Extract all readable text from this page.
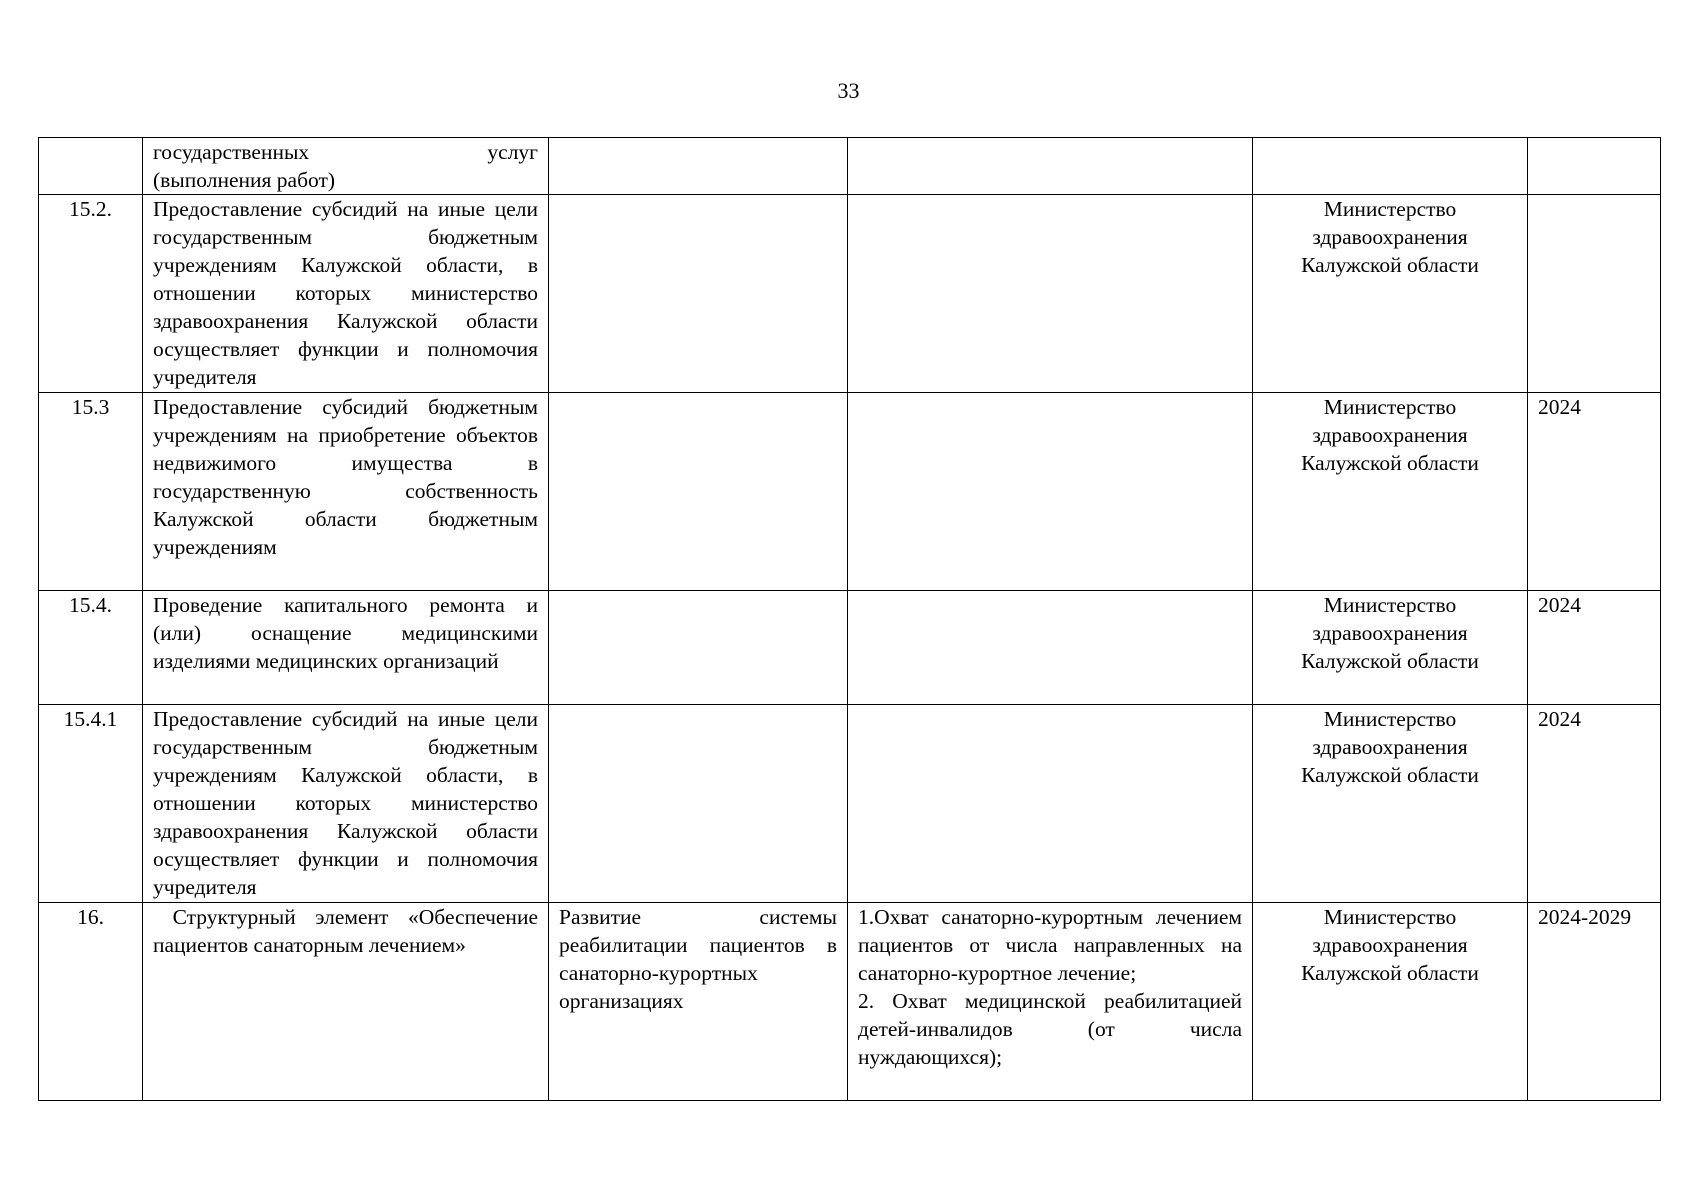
33

	государственных услуг
(выполнения работ)				

15.2.	Предоставление субсидий на иные цели государственным бюджетным учреждениям Калужской области, в отношении которых министерство здравоохранения Калужской области осуществляет функции и полномочия учредителя			Министерство здравоохранения Калужской области	
15.3	Предоставление субсидий бюджетным учреждениям на приобретение объектов недвижимого имущества в государственную собственность Калужской области бюджетным учреждениям			Министерство здравоохранения Калужской области	2024
15.4.	Проведение капитального ремонта и (или) оснащение медицинскими изделиями медицинских организаций			Министерство здравоохранения Калужской области	2024
15.4.1	Предоставление субсидий на иные цели государственным бюджетным учреждениям Калужской области, в отношении которых министерство здравоохранения Калужской области осуществляет функции и полномочия учредителя			Министерство здравоохранения Калужской области	2024
16.	Структурный элемент «Обеспечение пациентов санаторным лечением»	Развитие системы реабилитации пациентов в санаторно-курортных организациях	1.Охват санаторно-курортным лечением пациентов от числа направленных на санаторно-курортное лечение;
2. Охват медицинской реабилитацией детей-инвалидов (от числа нуждающихся);	Министерство здравоохранения Калужской области	2024-2029
